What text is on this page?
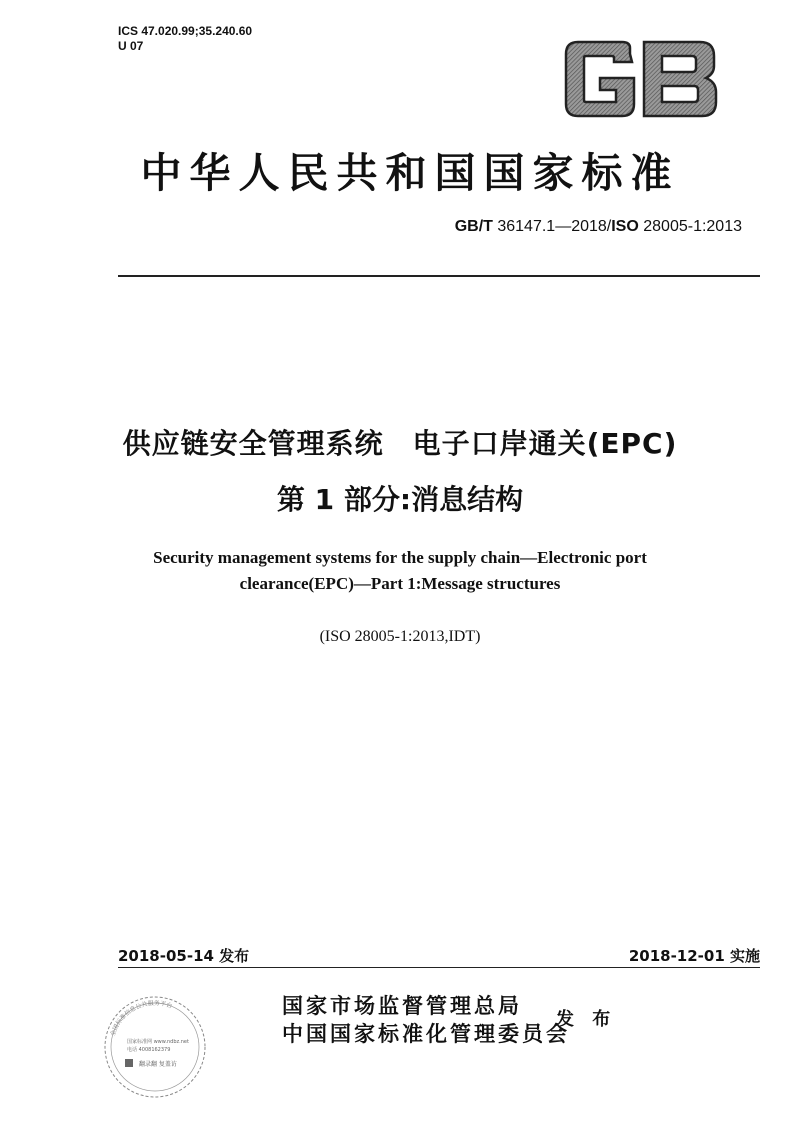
ICS 47.020.99;35.240.60
U 07	GB
中华人民共和国国家标准
GB/T 36147.1—2018/ISO 28005-1:2013
供应链安全管理系统　电子口岸通关(EPC)
第 1 部分:消息结构
Security management systems for the supply chain—Electronic port
clearance(EPC)—Part 1:Message structures
(ISO 28005-1:2013,IDT)
2018-05-14 发布	2018-12-01 实施
全国标准信息公共服务平台
国家标准网 www.ndbz.net
电话 4008162379
翻录翻 复盖访
国家市场监督管理总局
中国国家标准化管理委员会
发 布
